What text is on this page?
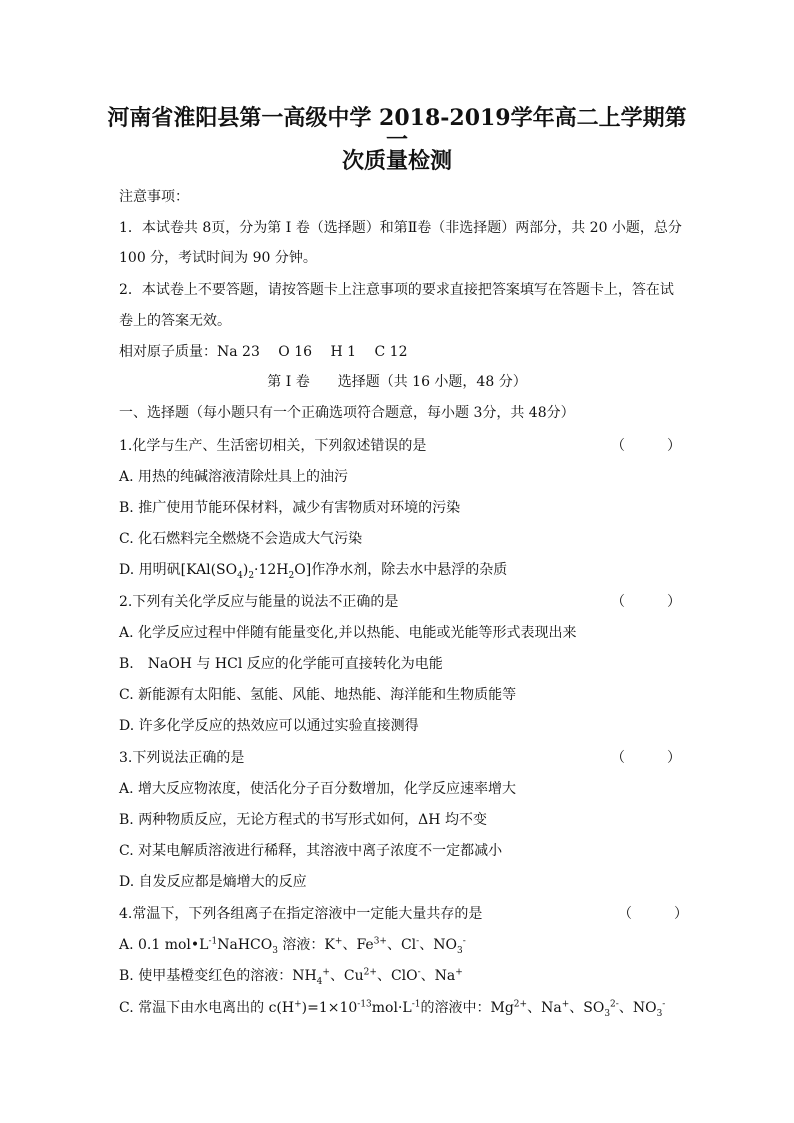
河南省淮阳县第一高级中学 2018-2019学年高二上学期第一
次质量检测
注意事项：
1．本试卷共 8页，分为第 I 卷（选择题）和第Ⅱ卷（非选择题）两部分，共 20 小题，总分
100 分，考试时间为 90 分钟。
2．本试卷上不要答题，请按答题卡上注意事项的要求直接把答案填写在答题卡上，答在试
卷上的答案无效。
相对原子质量：Na 23　 O 16　 H 1　 C 12
第 I 卷　　选择题（共 16 小题，48 分）
一、选择题（每小题只有一个正确选项符合题意，每小题 3分，共 48分）
1.化学与生产、生活密切相关，下列叙述错误的是	（　　　）
A. 用热的纯碱溶液清除灶具上的油污
B. 推广使用节能环保材料，减少有害物质对环境的污染
C. 化石燃料完全燃烧不会造成大气污染
D. 用明矾$[KAl(SO_4)_2\cdot 12H_2O]$作净水剂，除去水中悬浮的杂质
2.下列有关化学反应与能量的说法不正确的是	（　　　）
A. 化学反应过程中伴随有能量变化,并以热能、电能或光能等形式表现出来
B.　NaOH 与 HCl 反应的化学能可直接转化为电能
C. 新能源有太阳能、氢能、风能、地热能、海洋能和生物质能等
D. 许多化学反应的热效应可以通过实验直接测得
3.下列说法正确的是	（　　　）
A. 增大反应物浓度，使活化分子百分数增加，化学反应速率增大
B. 两种物质反应，无论方程式的书写形式如何，ΔH 均不变
C. 对某电解质溶液进行稀释，其溶液中离子浓度不一定都减小
D. 自发反应都是熵增大的反应
4.常温下，下列各组离子在指定溶液中一定能大量共存的是	（　　　）
A. 0.1 $mol•L^{-1}NaHCO_3$ 溶液：K+、$Fe^{3+}$、Cl-、$NO_3^-$
B. 使甲基橙变红色的溶液：$NH_4^+$、$Cu^{2+}$、ClO-、Na+
C. 常温下由水电离出的 $c(H^+)=1\times 10^{-13}mol\cdot L^{-1}$的溶液中：$Mg^{2+}$、Na+、$SO_3^{2-}$、$NO_3^-$
